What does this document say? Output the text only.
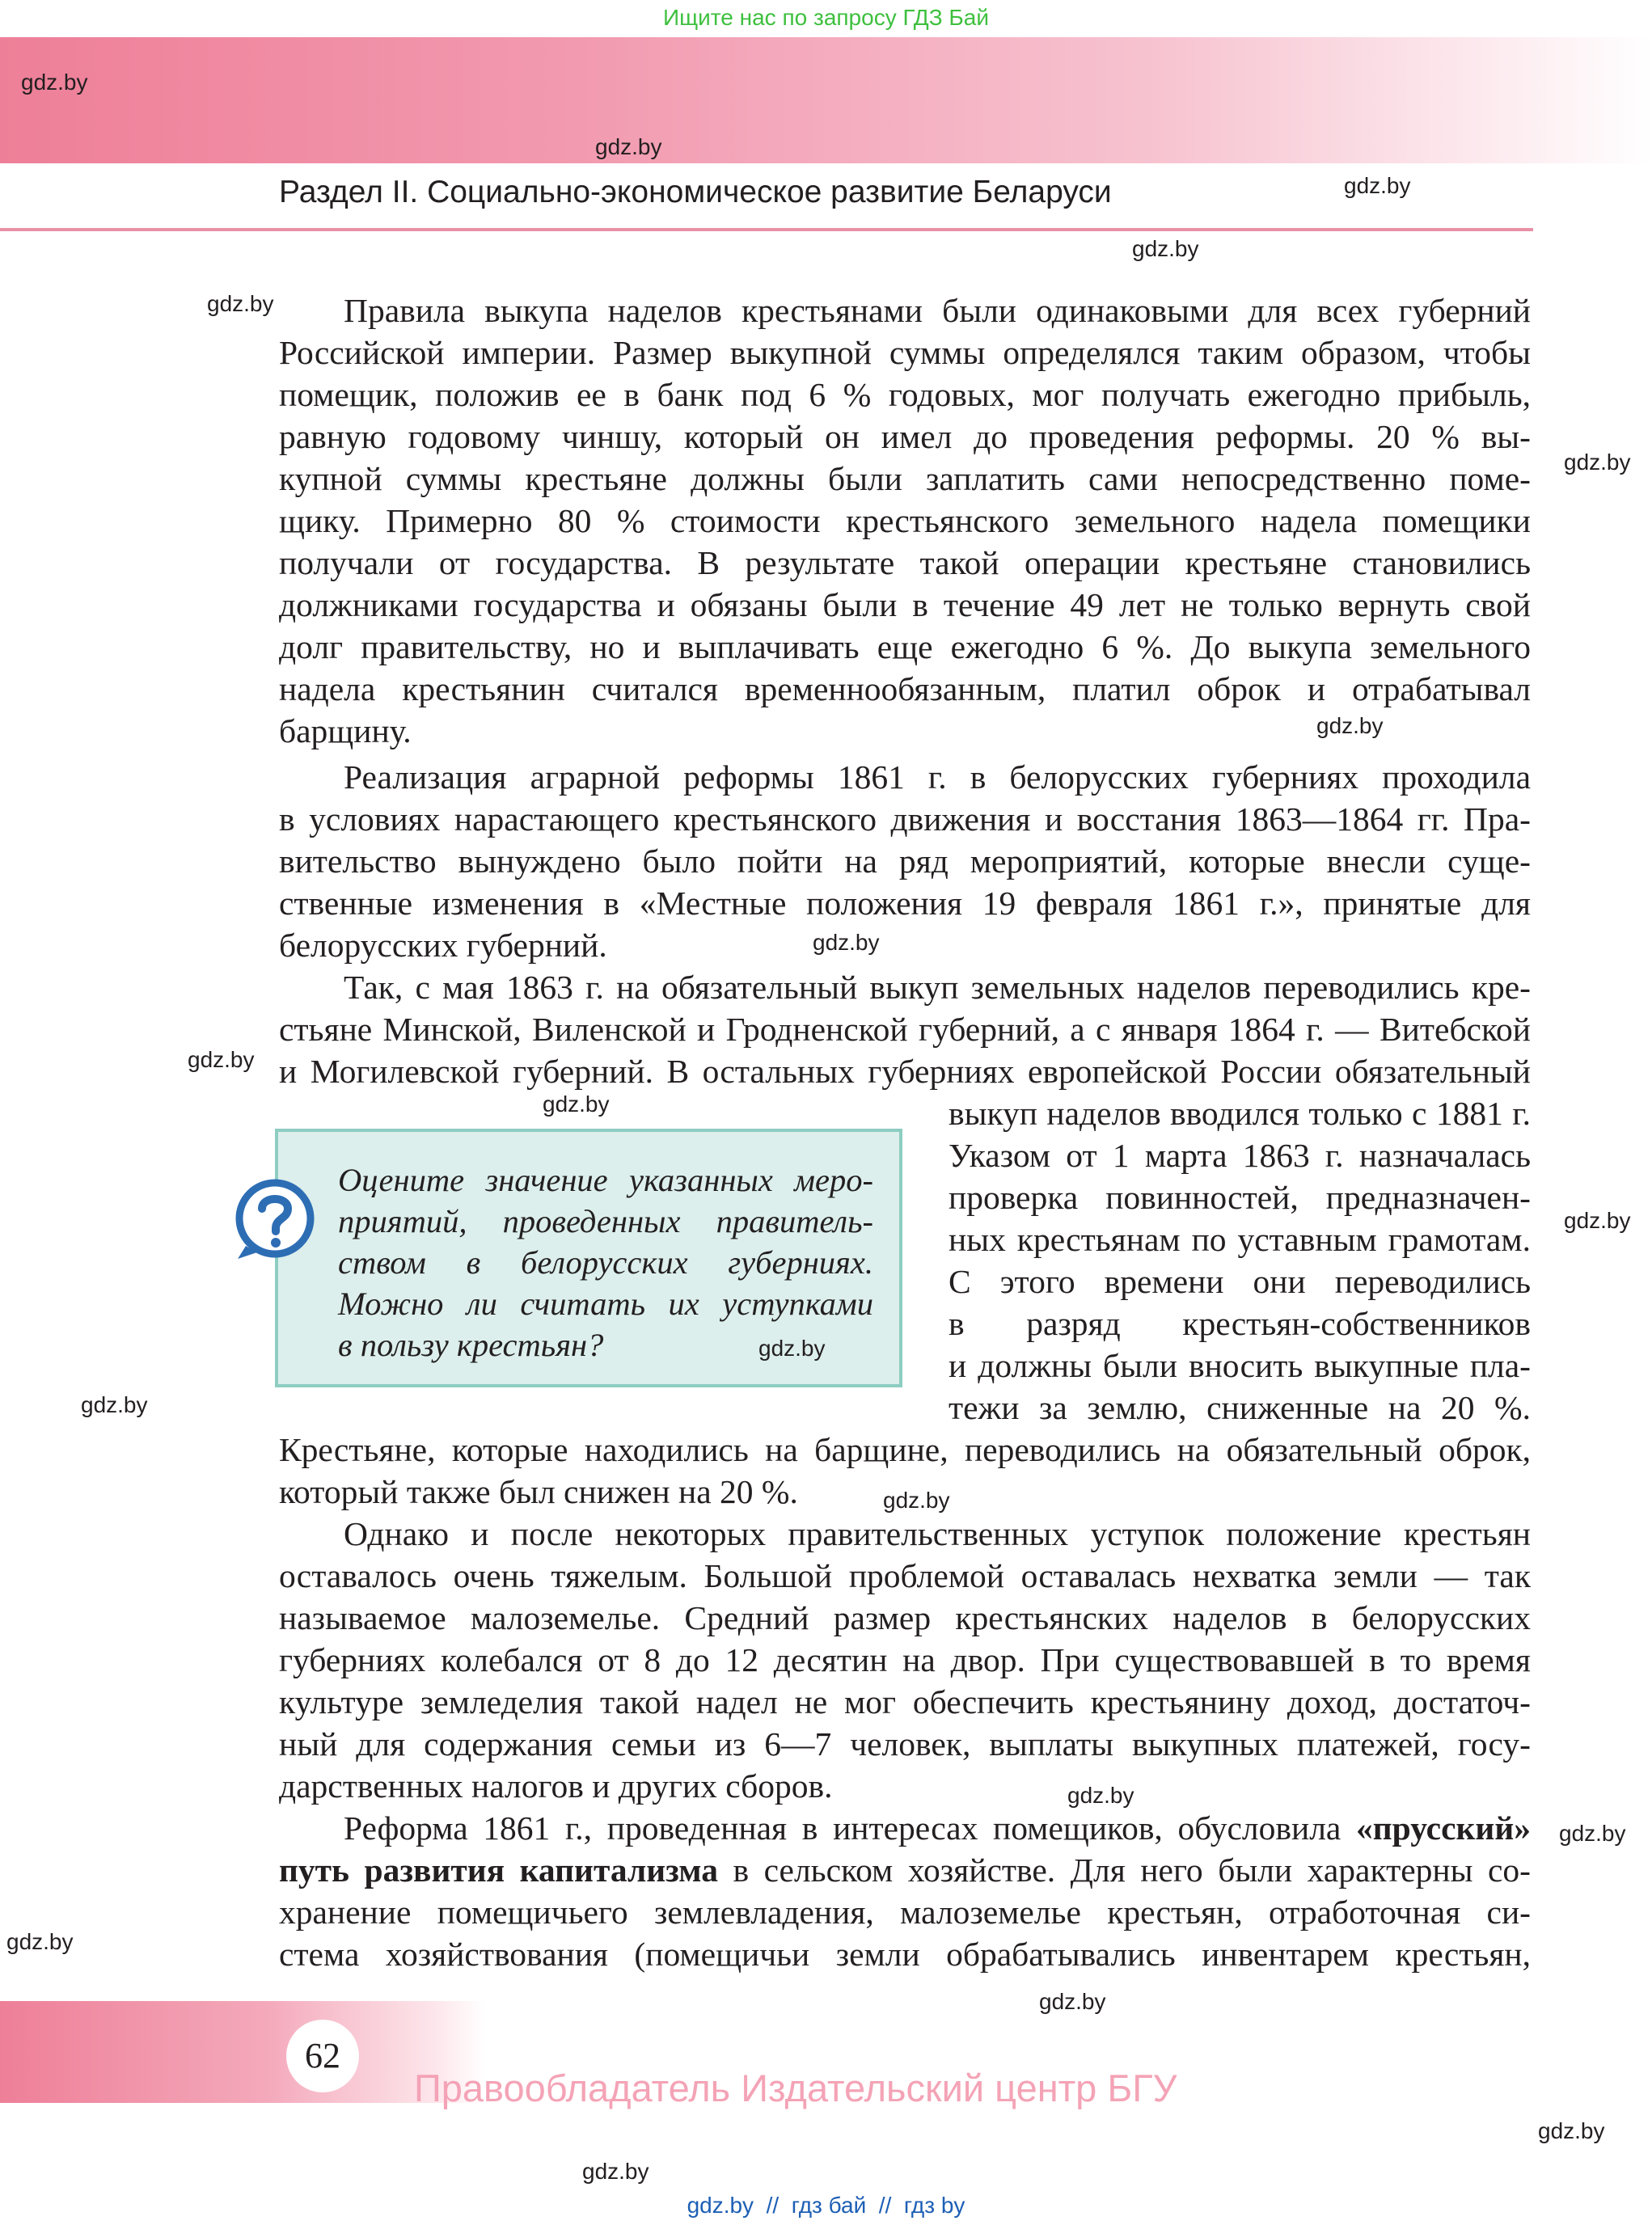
Ищите нас по запросу ГДЗ Бай
Раздел II. Социально-экономическое развитие Беларуси
Правила выкупа наделов крестьянами были одинаковыми для всех губерний
Российской империи. Размер выкупной суммы определялся таким образом, чтобы
помещик, положив ее в банк под 6 % годовых, мог получать ежегодно прибыль,
равную годовому чиншу, который он имел до проведения реформы. 20 % вы-
купной суммы крестьяне должны были заплатить сами непосредственно поме-
щику. Примерно 80 % стоимости крестьянского земельного надела помещики
получали от государства. В результате такой операции крестьяне становились
должниками государства и обязаны были в течение 49 лет не только вернуть свой
долг правительству, но и выплачивать еще ежегодно 6 %. До выкупа земельного
надела крестьянин считался временнообязанным, платил оброк и отрабатывал
барщину.
Реализация аграрной реформы 1861 г. в белорусских губерниях проходила
в условиях нарастающего крестьянского движения и восстания 1863—1864 гг. Пра-
вительство вынуждено было пойти на ряд мероприятий, которые внесли суще-
ственные изменения в «Местные положения 19 февраля 1861 г.», принятые для
белорусских губерний.
Так, с мая 1863 г. на обязательный выкуп земельных наделов переводились кре-
стьяне Минской, Виленской и Гродненской губерний, а с января 1864 г. — Витебской
и Могилевской губерний. В остальных губерниях европейской России обязательный
выкуп наделов вводился только с 1881 г.
Указом от 1 марта 1863 г. назначалась
проверка повинностей, предназначен-
ных крестьянам по уставным грамотам.
С этого времени они переводились
в разряд крестьян-собственников
и должны были вносить выкупные пла-
тежи за землю, сниженные на 20 %.
Крестьяне, которые находились на барщине, переводились на обязательный оброк,
который также был снижен на 20 %.
Однако и после некоторых правительственных уступок положение крестьян
оставалось очень тяжелым. Большой проблемой оставалась нехватка земли — так
называемое малоземелье. Средний размер крестьянских наделов в белорусских
губерниях колебался от 8 до 12 десятин на двор. При существовавшей в то время
культуре земледелия такой надел не мог обеспечить крестьянину доход, достаточ-
ный для содержания семьи из 6—7 человек, выплаты выкупных платежей, госу-
дарственных налогов и других сборов.
Реформа 1861 г., проведенная в интересах помещиков, обусловила «прусский»
путь развития капитализма в сельском хозяйстве. Для него были характерны со-
хранение помещичьего землевладения, малоземелье крестьян, отработочная си-
стема хозяйствования (помещичьи земли обрабатывались инвентарем крестьян,
Оцените значение указанных меро-
приятий, проведенных правитель-
ством в белорусских губерниях.
Можно ли считать их уступками
в пользу крестьян?
gdz.by
gdz.by
gdz.by
gdz.by
gdz.by
gdz.by
gdz.by
gdz.by
gdz.by
gdz.by
gdz.by
gdz.by
gdz.by
gdz.by
gdz.by
gdz.by
gdz.by
gdz.by
gdz.by
gdz.by
62
Правообладатель Издательский центр БГУ
gdz.by  //  гдз бай  //  гдз by
